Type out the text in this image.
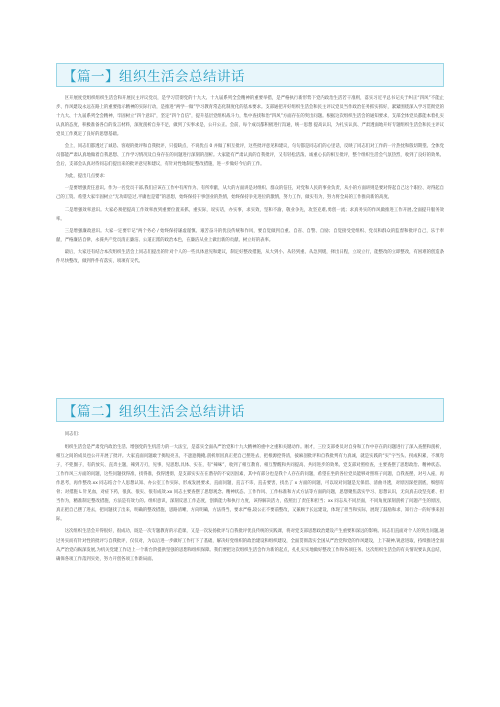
【篇一】组织生活会总结讲话

区开展度党组织组织生活会和开展民主评议党员，是学习贯彻党的十九大、十九届系列全会精神的重要举措，是严格执行新形势下党内政治生活若干准则，落实习近平总书记关于纠正“四风”不能止步、作风建设永远在路上的重要指示精神的实际行动，是推进“两学一做”学习教育常态化制度化的基本要求。支部通把开好组织生活会和民主评议党员当作政治任务抓实抓好，紧紧围绕深入学习贯彻党的十九大、十九届系列全会精神，牢固树立“四个意识”，坚定“四个自信”，提升基层党组织战斗力，集中查找和治“四风”方面存在的突出问题。根据这次组织生活会的通知要求，支部全体党员都能本着扎实认真的态度，积极准备各自的发言材料，深度剖析自身不足，做到了实事求是，公开公正。会前，每个成员都积极进行沟通，统一思想 提高认识，为扎实认真、严肃透面地开好专题组织生活会和民主评议党员工作奠定了良好的思想基础。

会上，同志们都透过了诚恳、客观的批评和自我批评，只提缺点，不说优点 0 并做了相互批评，这些批评意见和建议，句句都是同志们的心里话，反映了同志们对工作的一片热忱和殷切期望。全体党员都能严肃认真地做着自我思想、工作学习情况及自身存在的问题进行深刻的剖析。大家能有严肃认真的自我批评，又有轻松活泼、诚重心长的相互批评，整个组织生活会气氛热烈，收到了良好的效果。会后，支部会认真对待同志们提出来的批评意见和建议，有针对性地制定整改措施，进一步做好今后的工作。

为此，提出几点要求：

一是要增强责任意识。作为一名党员干部,我们应该在工作中有所作为、有所奉献，从大的方面讲是对组织、群众的信任，对党和人民的事业负责，从小的方面讲则是要对得起自己这个职位、对得起自己的工资。希望大家牢固树立“无功即是过,平庸也是错”的思想，始终保持干事创业的热情，始终保持争先进位的激情，努力工作，做实有为，努力将全局的工作推向新的高度。

二是增强效率意识。大家必须把提高工作效率放到重要位置来抓，重实际，说实话，办实事，求实效，坚和不渝，敬业争先，攻坚克难,勇创一流；求真务实的作风做推进工作开展,全面提升服务效率。

三是增强廉政意识。大家一定要牢记“两个务必 / 始终保持谦虚谨慎、艰苦奋斗的优良传统和作风，要自觉做到自重、自省、自警、自励；自觉接受党组织、党员和群众的监督和批评自己，乐于奉献，严格廉洁自律，永葆共产党员清正廉洁、公道正派的政治本色，在廉洁从业上做出新的贡献、树立好的表率。

最后，大家还有结合本次组织生活会上同志们提出的针对个人的一些具体意见和建议，制定好整改措施，从大到小、从轻到重、从急到缓，择出日程，立说立行，能整改的立即整改，有困难的创造条件尽快整改，做到件件有落实，项项有交代。

【篇二】组织生活会总结讲话

同志们：

组织生活会是严肃党内政治生活、增强党的生机活力的一大法宝，是落实全面从严治党和十九大精神的重中之重和关键动作。刚才，三位支部委员对自身和工作中存在的问题进行了深入查摆和剖析，相互之间的成员也公开开展了批评。大家直面问题敢于揭短亮丑，不遮遮掩掩,剖析原因真正把自己摆进去，把根源挖得清，披麻剖批评和自我批判有力真诚，就是实践的“实”字当头、拐成积累，不填弯子，不兜圈子，有的放矢、直奔主题，辣到刀刃，见事，见思想,具体、实在，有“辣味”，收到了相互教育、相互警醒和共同提高、共同进步的效果。党支部对照检查，主要查摆了思想政治、精神状态、工作作风三方面的问题，这些问题找得准，找得准，找得透彻，是支部实实在在潜存的不安因因素，其中有部分也是我个人存在的问题，希望在坐的各位党员能够对照班子问题，自我查摆，对号入座，再作思考，再作整改.xx 同志结合个人思想认知、办公室工作实际，形成发展要求，直面问题，直言不讳，直击要害，找出了 x 方面的问题，可以说对问题是无保留、清曲寻透，对原因深挖剖底，细刨有骨；对措施 L 针见血，对症下药，很真、很实、很有成效.xx 同志主要查摆了思想观念、精神状态、工作作风、工作标准和方式方法等方面的问题，思想聚焦落实学习、思想认识，无向真击攻坚克难、担当作为，精准制定整改措施，方法是有效力的。组织意识，深刻反思工作态度，创新能力和执行力度，该得解决活力，依照出了责任和担当；xx 同志从不同层面，不同角度深刻剖析了问题产生的原因，真正把自己摆了进去，把问题找了出来，明确的整改措施，思路清晰，方向明确，方法得当，要求严格,较公正不要前整改，又兼顾于长远建设，体现了担当和实际，展现了鼓励和求，知行合一的好事来因际。

这次组织生活会开得很好，很成功，既是一次专题教育的示范课，又是一次发扬批评与自我批评优良传统的实践课，将对党支部思想政治建设产生重要和深远的影响。同志们直面对个人的突出问题,通过务实而有针对性的批评与自我批评，仅仅对，为以后进一步做好工作打下了基础，解决好党组织的政治建设和组织建设，全面贯彻落实全国从严治党和党的作风建设，上下凝神,锐意进取，持续推进全面从严治党向纵深发展,为机关党建工作迈上一个新台阶提供坚强的思想和组织保障。我们要把这次组织生活会作为新的起点，扎扎实实地做好整改工作和各项任务。这次组织生活会的有关情况要认真总结，确保各项工作落到实处，努力开创各项工作新局面。
